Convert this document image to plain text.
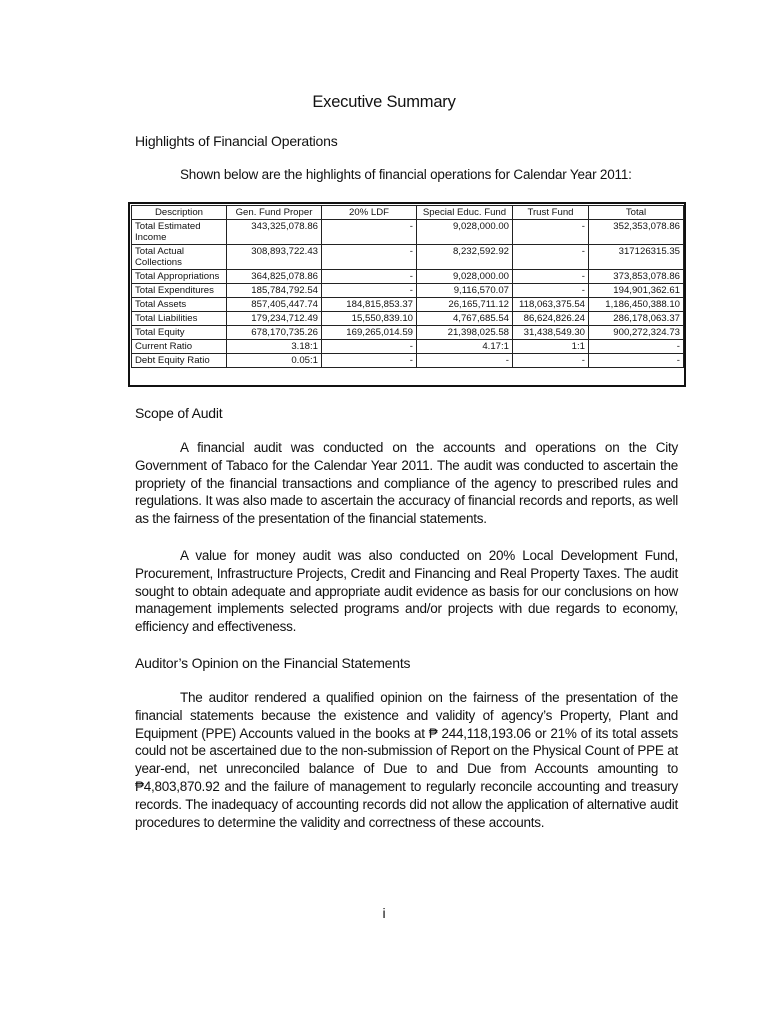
Executive Summary
Highlights of Financial Operations
Shown below are the highlights of financial operations for Calendar Year 2011:
Description	Gen. Fund Proper	20% LDF	Special Educ. Fund	Trust Fund	Total
Total Estimated Income	343,325,078.86	-	9,028,000.00	-	352,353,078.86
Total Actual Collections	308,893,722.43	-	8,232,592.92	-	317126315.35
Total Appropriations	364,825,078.86	-	9,028,000.00	-	373,853,078.86
Total Expenditures	185,784,792.54	-	9,116,570.07	-	194,901,362.61
Total Assets	857,405,447.74	184,815,853.37	26,165,711.12	118,063,375.54	1,186,450,388.10
Total Liabilities	179,234,712.49	15,550,839.10	4,767,685.54	86,624,826.24	286,178,063.37
Total Equity	678,170,735.26	169,265,014.59	21,398,025.58	31,438,549.30	900,272,324.73
Current Ratio	3.18:1	-	4.17:1	1:1	-
Debt Equity Ratio	0.05:1	-	-	-	-
Scope of Audit
A financial audit was conducted on the accounts and operations on the City Government of Tabaco for the Calendar Year 2011. The audit was conducted to ascertain the propriety of the financial transactions and compliance of the agency to prescribed rules and regulations. It was also made to ascertain the accuracy of financial records and reports, as well as the fairness of the presentation of the financial statements.
A value for money audit was also conducted on 20% Local Development Fund, Procurement, Infrastructure Projects, Credit and Financing and Real Property Taxes. The audit sought to obtain adequate and appropriate audit evidence as basis for our conclusions on how management implements selected programs and/or projects with due regards to economy, efficiency and effectiveness.
Auditor’s Opinion on the Financial Statements
The auditor rendered a qualified opinion on the fairness of the presentation of the financial statements because the existence and validity of agency’s Property, Plant and Equipment (PPE) Accounts valued in the books at ₱ 244,118,193.06 or 21% of its total assets could not be ascertained due to the non-submission of Report on the Physical Count of PPE at year-end, net unreconciled balance of Due to and Due from Accounts amounting to ₱4,803,870.92 and the failure of management to regularly reconcile accounting and treasury records. The inadequacy of accounting records did not allow the application of alternative audit procedures to determine the validity and correctness of these accounts.
i
